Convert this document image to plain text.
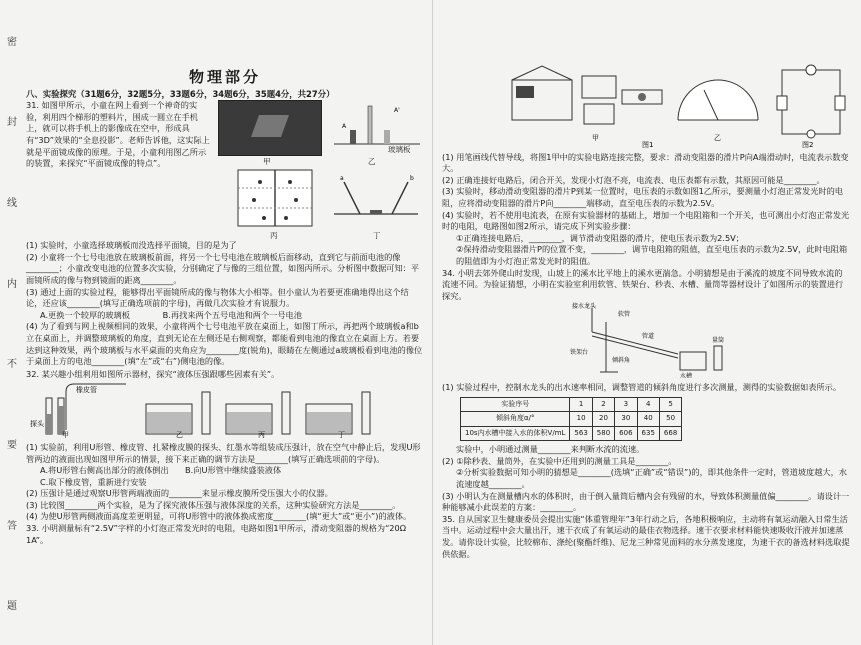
密
封
线
内
不
要
答
题
物理部分

八、实验探究（31题6分，32题5分，33题6分，34题6分，35题4分，共27分）

31. 如图甲所示，小童在网上看到一个神奇的实验，利用四个梯形的塑料片，围成一圆立在手机上，就可以将手机上的影像成在空中，形成具有“3D”效果的“全息投影”。老师告诉他，这实际上就是平面镜成像的原理。于是，小童利用图乙所示的装置，来探究“平面镜成像的特点”。	甲
A'
A
玻璃板
乙
丙
a	b
丁

(1) 实验时，小童选择玻璃板而没选择平面镜，目的是为了

(2) 小童将一个七号电池放在玻璃板前面，将另一个七号电池在玻璃板后面移动，直到它与前面电池的像________；小童改变电池的位置多次实验，分别确定了与像的三组位置，如图丙所示。分析图中数据可知：平面镜所成的像与物到镜面的距离________。

(3) 通过上面的实验过程，能够得出平面镜所成的像与物体大小相等。但小童认为若要更准确地得出这个结论，还应该________(填写正确选项前的字母)，再做几次实验才有说服力。

A.更换一个较厚的玻璃板　　　　B.再找来两个五号电池和两个一号电池

(4) 为了看到与网上视频相同的效果，小童将两个七号电池平放在桌面上，如图丁所示，再把两个玻璃板a和b立在桌面上，并调整玻璃板的角度，直到无论在左侧还是右侧观察，都能看到电池的像直立在桌面上方。若要达到这种效果，两个玻璃板与水平桌面的夹角应为________度(锐角)，眼睛在左侧通过a玻璃板看到电池的像位于桌面上方的电池________(填“左”或“右”)侧电池的像。

32. 某兴趣小组利用如图所示器材，探究“液体压强跟哪些因素有关”。

橡皮管
探头
甲	乙	丙	丁

(1) 实验前，利用U形管、橡皮管、扎紧橡皮膜的探头、红墨水等组装成压强计，放在空气中静止后，发现U形管两边的液面出现如图甲所示的情景，接下来正确的调节方法是________(填写正确选项前的字母)。

A.将U形管右侧高出部分的液体倒出　　B.向U形管中继续盛装液体

C.取下橡皮管，重新进行安装

(2) 压强计是通过观察U形管两端液面的________来显示橡皮膜所受压强大小的仪器。

(3) 比较图________两个实验，是为了探究液体压强与液体深度的关系，这种实验研究方法是________。

(4) 为使U形管两侧液面高度差更明显，可将U形管中的液体换成密度________(填“更大”或“更小”)的液体。

33. 小明测量标有“2.5V”字样的小灯泡正常发光时的电阻，电路如图1甲所示，滑动变阻器的规格为“20Ω 1A”。

甲	乙
图1	图2

(1) 用笔画线代替导线，将图1甲中的实验电路连接完整，要求：滑动变阻器的滑片P向A端滑动时，电流表示数变大。

(2) 正确连接好电路后，闭合开关，发现小灯泡不亮，电流表、电压表都有示数，其原因可能是________。

(3) 实验时，移动滑动变阻器的滑片P到某一位置时，电压表的示数如图1乙所示，要测量小灯泡正常发光时的电阻，应将滑动变阻器的滑片P向________端移动，直至电压表的示数为2.5V。

(4) 实验时，若不使用电流表，在原有实验器材的基础上，增加一个电阻箱和一个开关，也可测出小灯泡正常发光时的电阻，电路图如图2所示，请完成下列实验步骤：

①正确连接电路后，________，调节滑动变阻器的滑片，使电压表示数为2.5V；

②保持滑动变阻器滑片P的位置不变，________，调节电阻箱的阻值，直至电压表的示数为2.5V，此时电阻箱的阻值即为小灯泡正常发光时的阻值。

34. 小明去郊外爬山时发现，山坡上的溪水比平地上的溪水更湍急。小明猜想是由于溪流的坡度不同导致水流的流速不同。为验证猜想，小明在实验室利用软管、铁架台、秒表、水槽、量筒等器材设计了如图所示的装置进行探究。

接水龙头
软管
管道
铁架台
倾斜角
水槽
量筒

(1) 实验过程中，控制水龙头的出水速率相同，调整管道的倾斜角度进行多次测量，测得的实验数据如表所示。

实验序号	1	2	3	4	5
倾斜角度α/°	10	20	30	40	50
10s内水槽中接入水的体积V/mL	563	580	606	635	668

实验中，小明通过测量________来判断水流的流速。

(2) ①除秒表、量筒外，在实验中还用到的测量工具是________。

②分析实验数据可知小明的猜想是________(选填“正确”或“错误”)的，即其他条件一定时，管道坡度越大，水流速度越________。

(3) 小明认为在测量槽内水的体积时，由于倒入量筒后槽内会有残留的水，导致体积测量值偏________。请设计一种能够减小此误差的方案：________。

35. 自从国家卫生健康委员会提出实施“体重管理年”3年行动之后，各地积极响应，主动将有氧运动融入日常生活当中。运动过程中会大量出汗，速干衣成了有氧运动的最佳衣物选择。速干衣要求材料能快速吸收汗液并加速蒸发。请你设计实验，比较棉布、涤纶(聚酯纤维)、尼龙三种常见面料的水分蒸发速度，为速干衣的备选材料选取提供依据。
